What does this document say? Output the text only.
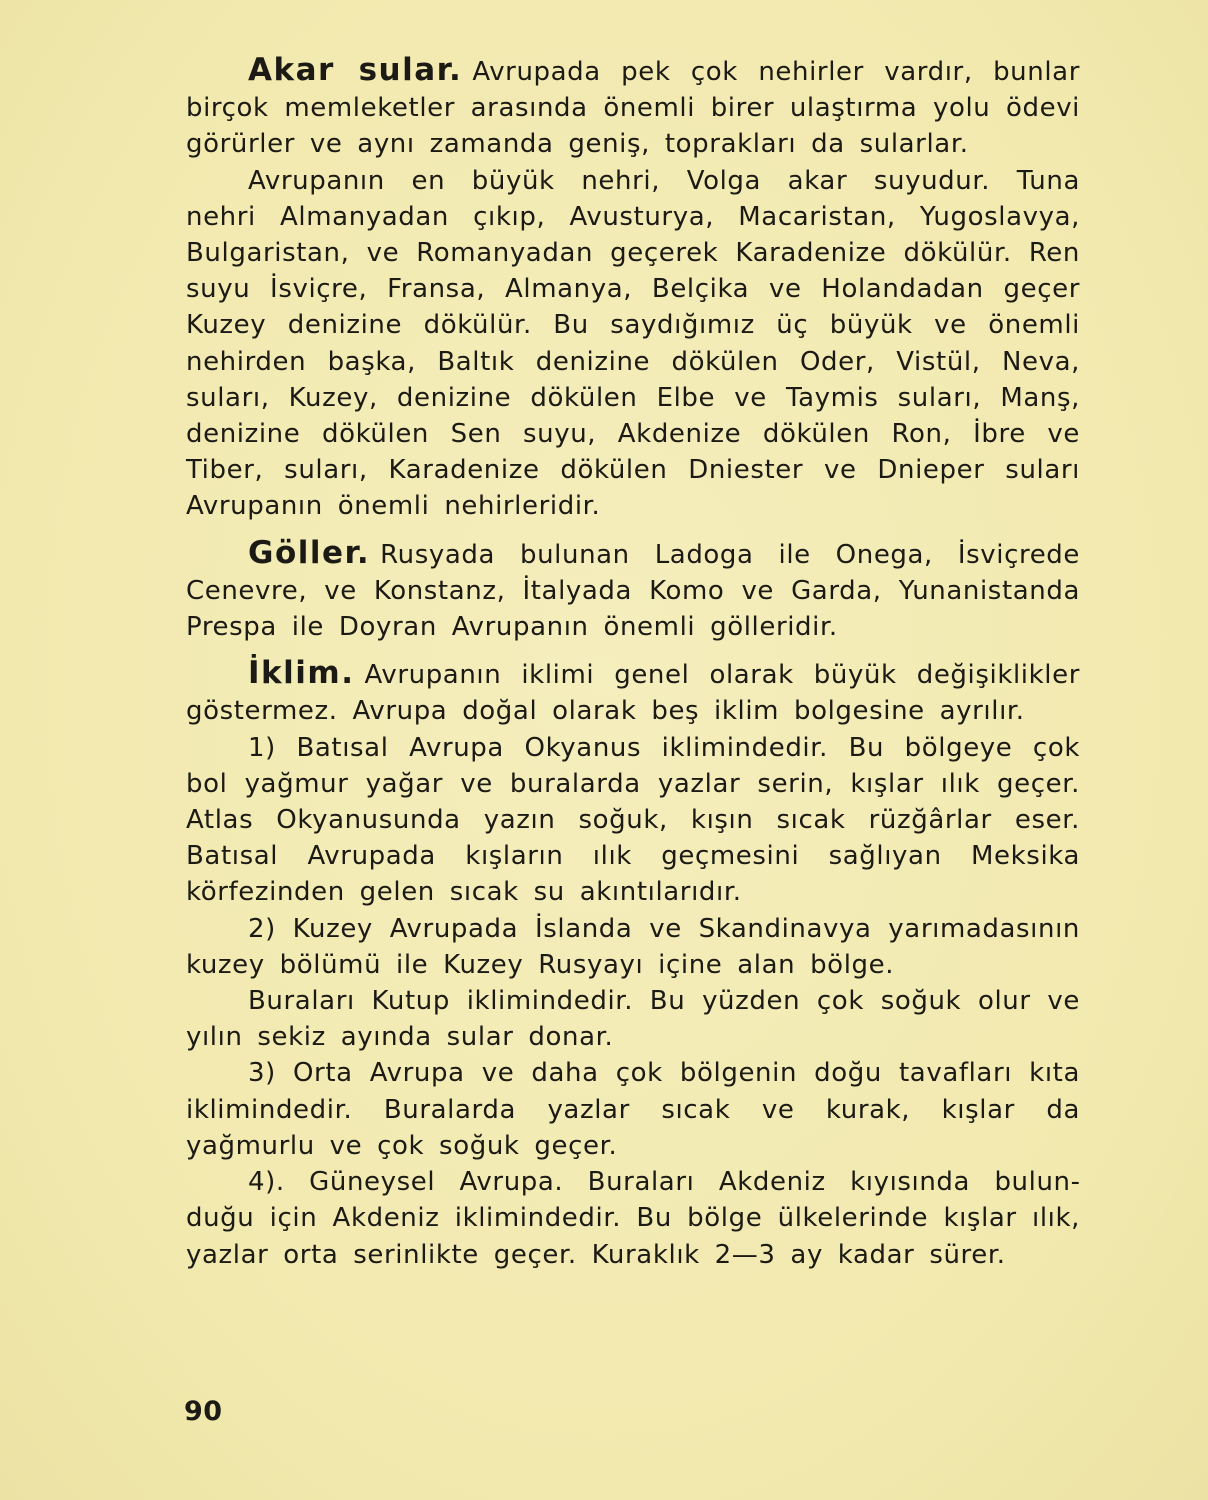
Akar sular. Avrupada pek çok nehirler vardır, bunlar birçok memleketler arasında önemli birer ulaştırma yolu ödevi görürler ve aynı zamanda geniş, toprakları da sularlar.

Avrupanın en büyük nehri, Volga akar suyudur. Tuna nehri Almanyadan çıkıp, Avusturya, Macaristan, Yugoslavya, Bulgaristan, ve Romanyadan geçerek Karadenize dökülür. Ren suyu İsviçre, Fransa, Almanya, Belçika ve Holandadan geçer Kuzey denizine dökülür. Bu saydığımız üç büyük ve önemli nehirden başka, Baltık denizine dökülen Oder, Vistül, Neva, suları, Kuzey, denizine dökülen Elbe ve Taymis suları, Manş, denizine dökülen Sen suyu, Akdenize dökülen Ron, İbre ve Tiber, suları, Karadenize dökülen Dniester ve Dnieper suları Avrupanın önemli nehirleridir.

Göller. Rusyada bulunan Ladoga ile Onega, İsviçrede Cenevre, ve Konstanz, İtalyada Komo ve Garda, Yunanistanda Prespa ile Doyran Avrupanın önemli gölleridir.

İklim. Avrupanın iklimi genel olarak büyük değişiklikler göstermez. Avrupa doğal olarak beş iklim bolgesine ayrılır.

1) Batısal Avrupa Okyanus iklimindedir. Bu bölgeye çok bol yağmur yağar ve buralarda yazlar serin, kışlar ılık geçer. Atlas Okyanusunda yazın soğuk, kışın sıcak rüzğârlar eser. Batısal Avrupada kışların ılık geçmesini sağlıyan Meksika körfezinden gelen sıcak su akıntılarıdır.

2) Kuzey Avrupada İslanda ve Skandinavya yarımadasının kuzey bölümü ile Kuzey Rusyayı içine alan bölge.

Buraları Kutup iklimindedir. Bu yüzden çok soğuk olur ve yılın sekiz ayında sular donar.

3) Orta Avrupa ve daha çok bölgenin doğu tavafları kıta iklimindedir. Buralarda yazlar sıcak ve kurak, kışlar da yağmurlu ve çok soğuk geçer.

4). Güneysel Avrupa. Buraları Akdeniz kıyısında bulunduğu için Akdeniz iklimindedir. Bu bölge ülkelerinde kışlar ılık, yazlar orta serinlikte geçer. Kuraklık 2—3 ay kadar sürer.

90
